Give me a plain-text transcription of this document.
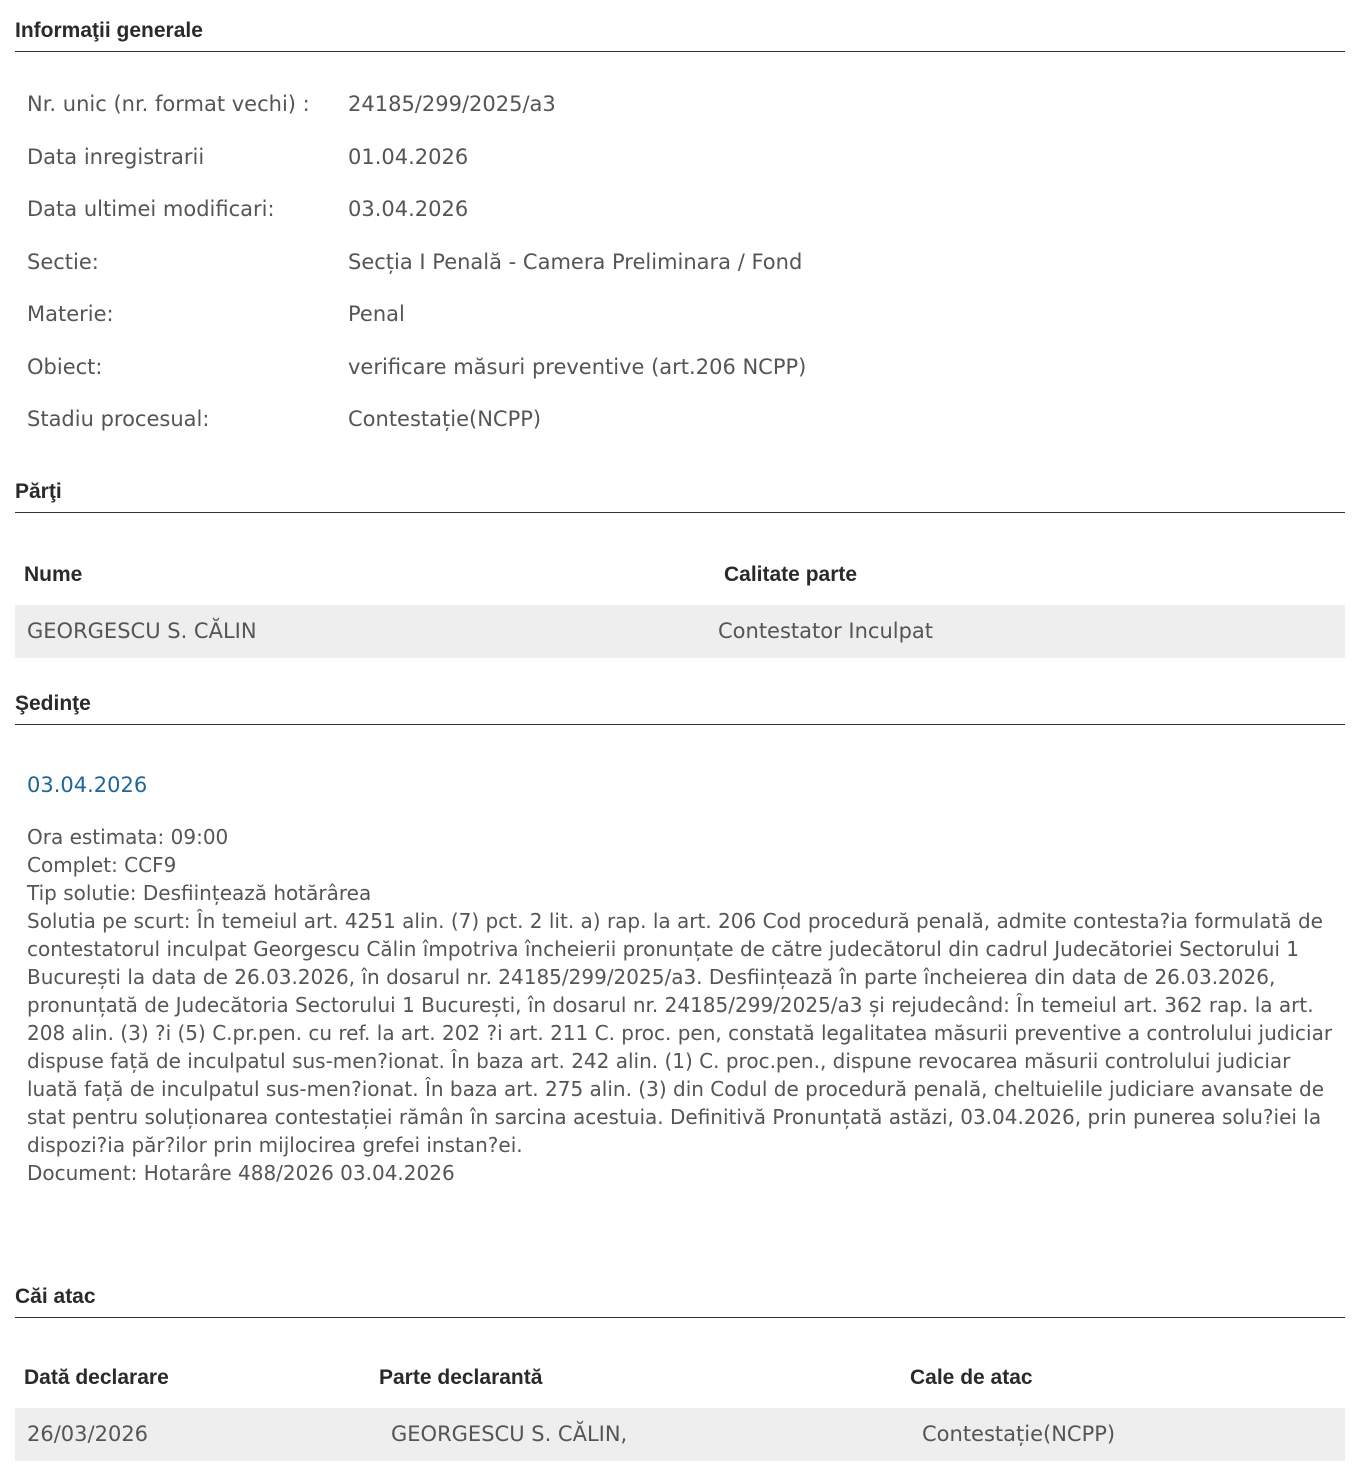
Informaţii generale
Nr. unic (nr. format vechi) :	24185/299/2025/a3
Data inregistrarii	01.04.2026
Data ultimei modificari:	03.04.2026
Sectie:	Secția I Penală - Camera Preliminara / Fond
Materie:	Penal
Obiect:	verificare măsuri preventive (art.206 NCPP)
Stadiu procesual:	Contestație(NCPP)
Părţi
Nume	Calitate parte
GEORGESCU S. CĂLIN	Contestator Inculpat
Şedinţe
03.04.2026
Ora estimata: 09:00
Complet: CCF9
Tip solutie: Desființează hotărârea
Solutia pe scurt: În temeiul art. 4251 alin. (7) pct. 2 lit. a) rap. la art. 206 Cod procedură penală, admite contesta?ia formulată de contestatorul inculpat Georgescu Călin împotriva încheierii pronunțate de către judecătorul din cadrul Judecătoriei Sectorului 1 București la data de 26.03.2026, în dosarul nr. 24185/299/2025/a3. Desființează în parte încheierea din data de 26.03.2026, pronunțată de Judecătoria Sectorului 1 București, în dosarul nr. 24185/299/2025/a3 și rejudecând: În temeiul art. 362 rap. la art. 208 alin. (3) ?i (5) C.pr.pen. cu ref. la art. 202 ?i art. 211 C. proc. pen, constată legalitatea măsurii preventive a controlului judiciar dispuse față de inculpatul sus-men?ionat. În baza art. 242 alin. (1) C. proc.pen., dispune revocarea măsurii controlului judiciar luată față de inculpatul sus-men?ionat. În baza art. 275 alin. (3) din Codul de procedură penală, cheltuielile judiciare avansate de stat pentru soluționarea contestației rămân în sarcina acestuia. Definitivă Pronunțată astăzi, 03.04.2026, prin punerea solu?iei la dispozi?ia păr?ilor prin mijlocirea grefei instan?ei.
Document: Hotarâre 488/2026 03.04.2026
Căi atac
Dată declarare	Parte declarantă	Cale de atac
26/03/2026	GEORGESCU S. CĂLIN,	Contestație(NCPP)
